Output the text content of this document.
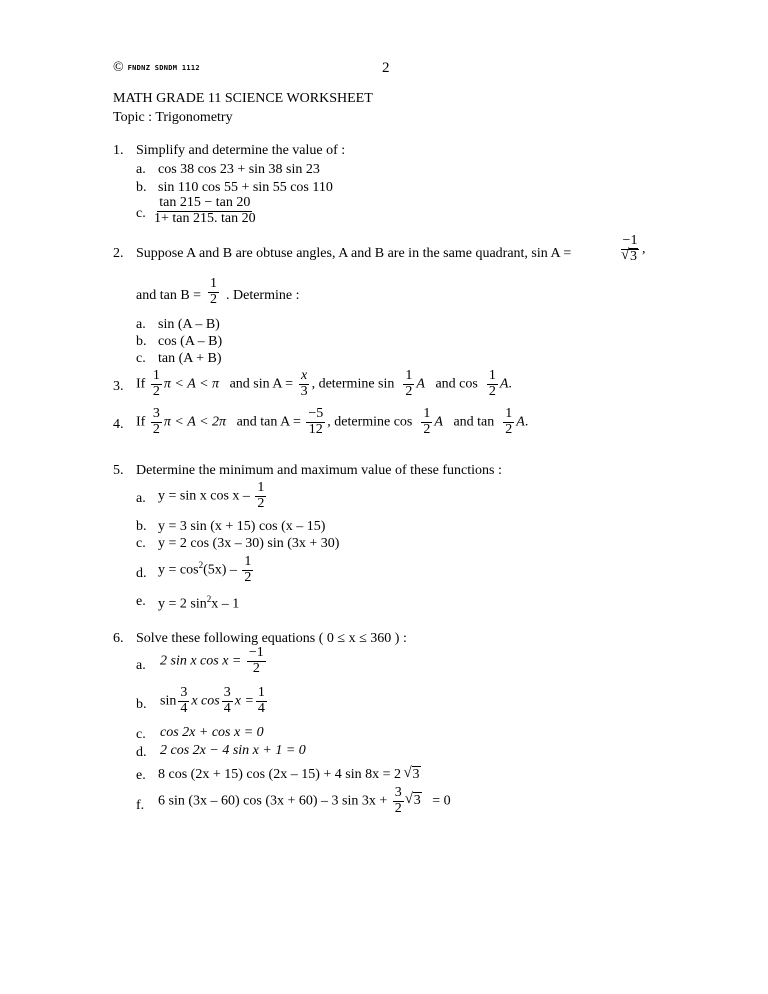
© FNDNZ SDNDM 1112	2
MATH GRADE 11 SCIENCE WORKSHEET
Topic : Trigonometry
1. Simplify and determine the value of :
a. cos 38 cos 23 + sin 38 sin 23
b. sin 110 cos 55 + sin 55 cos 110
c. $\frac{\tan 215 - \tan 20}{1+ \tan 215. \tan 20}$
2. Suppose A and B are obtuse angles, A and B are in the same quadrant, sin A =	−1
√ 3 ,
and $\tan B = \frac{1}{2}$ . Determine :
a. sin (A – B)
b. cos (A – B)
c. tan (A + B)
3. If $\frac{1}{2}$ π < A < π and $\sin A = \frac{x}{3}$ , determine $\sin \frac{1}{2}$ A and $\cos \frac{1}{2} A$.
4. If $\frac{3}{2}$ π < A < 2π and $\tan A = \frac{-5}{12}$ , determine $\cos \frac{1}{2}$ A and $\tan \frac{1}{2} A$.
5. Determine the minimum and maximum value of these functions :
a. y = sin x cos x – $\frac{1}{2}$
b. y = 3 sin (x + 15) cos (x – 15)
c. y = 2 cos (3x – 30) sin (3x + 30)
d. $y = \cos^2(5x) - \frac{1}{2}$
e. y = 2 $\sin^2x - 1$
6. Solve these following equations ( 0 ≤ x ≤ 360 ) :
a. 2 sin x $\cos x = \frac{-1}{2}$
b. $\sin \frac{3}{4}$ x $\cos \frac{3}{4}$ $x = \frac{1}{4}$
c. cos 2x + cos x = 0
d. 2 cos 2x − 4 sin x + 1 = 0
e. 8 cos (2x + 15) cos (2x – 15) + 4 sin 8x = 2 √ 3
f. 6 sin (3x – 60) cos (3x + 60) – 3 $\sin 3x + \frac{3}{2}$ √ 3 = 0
